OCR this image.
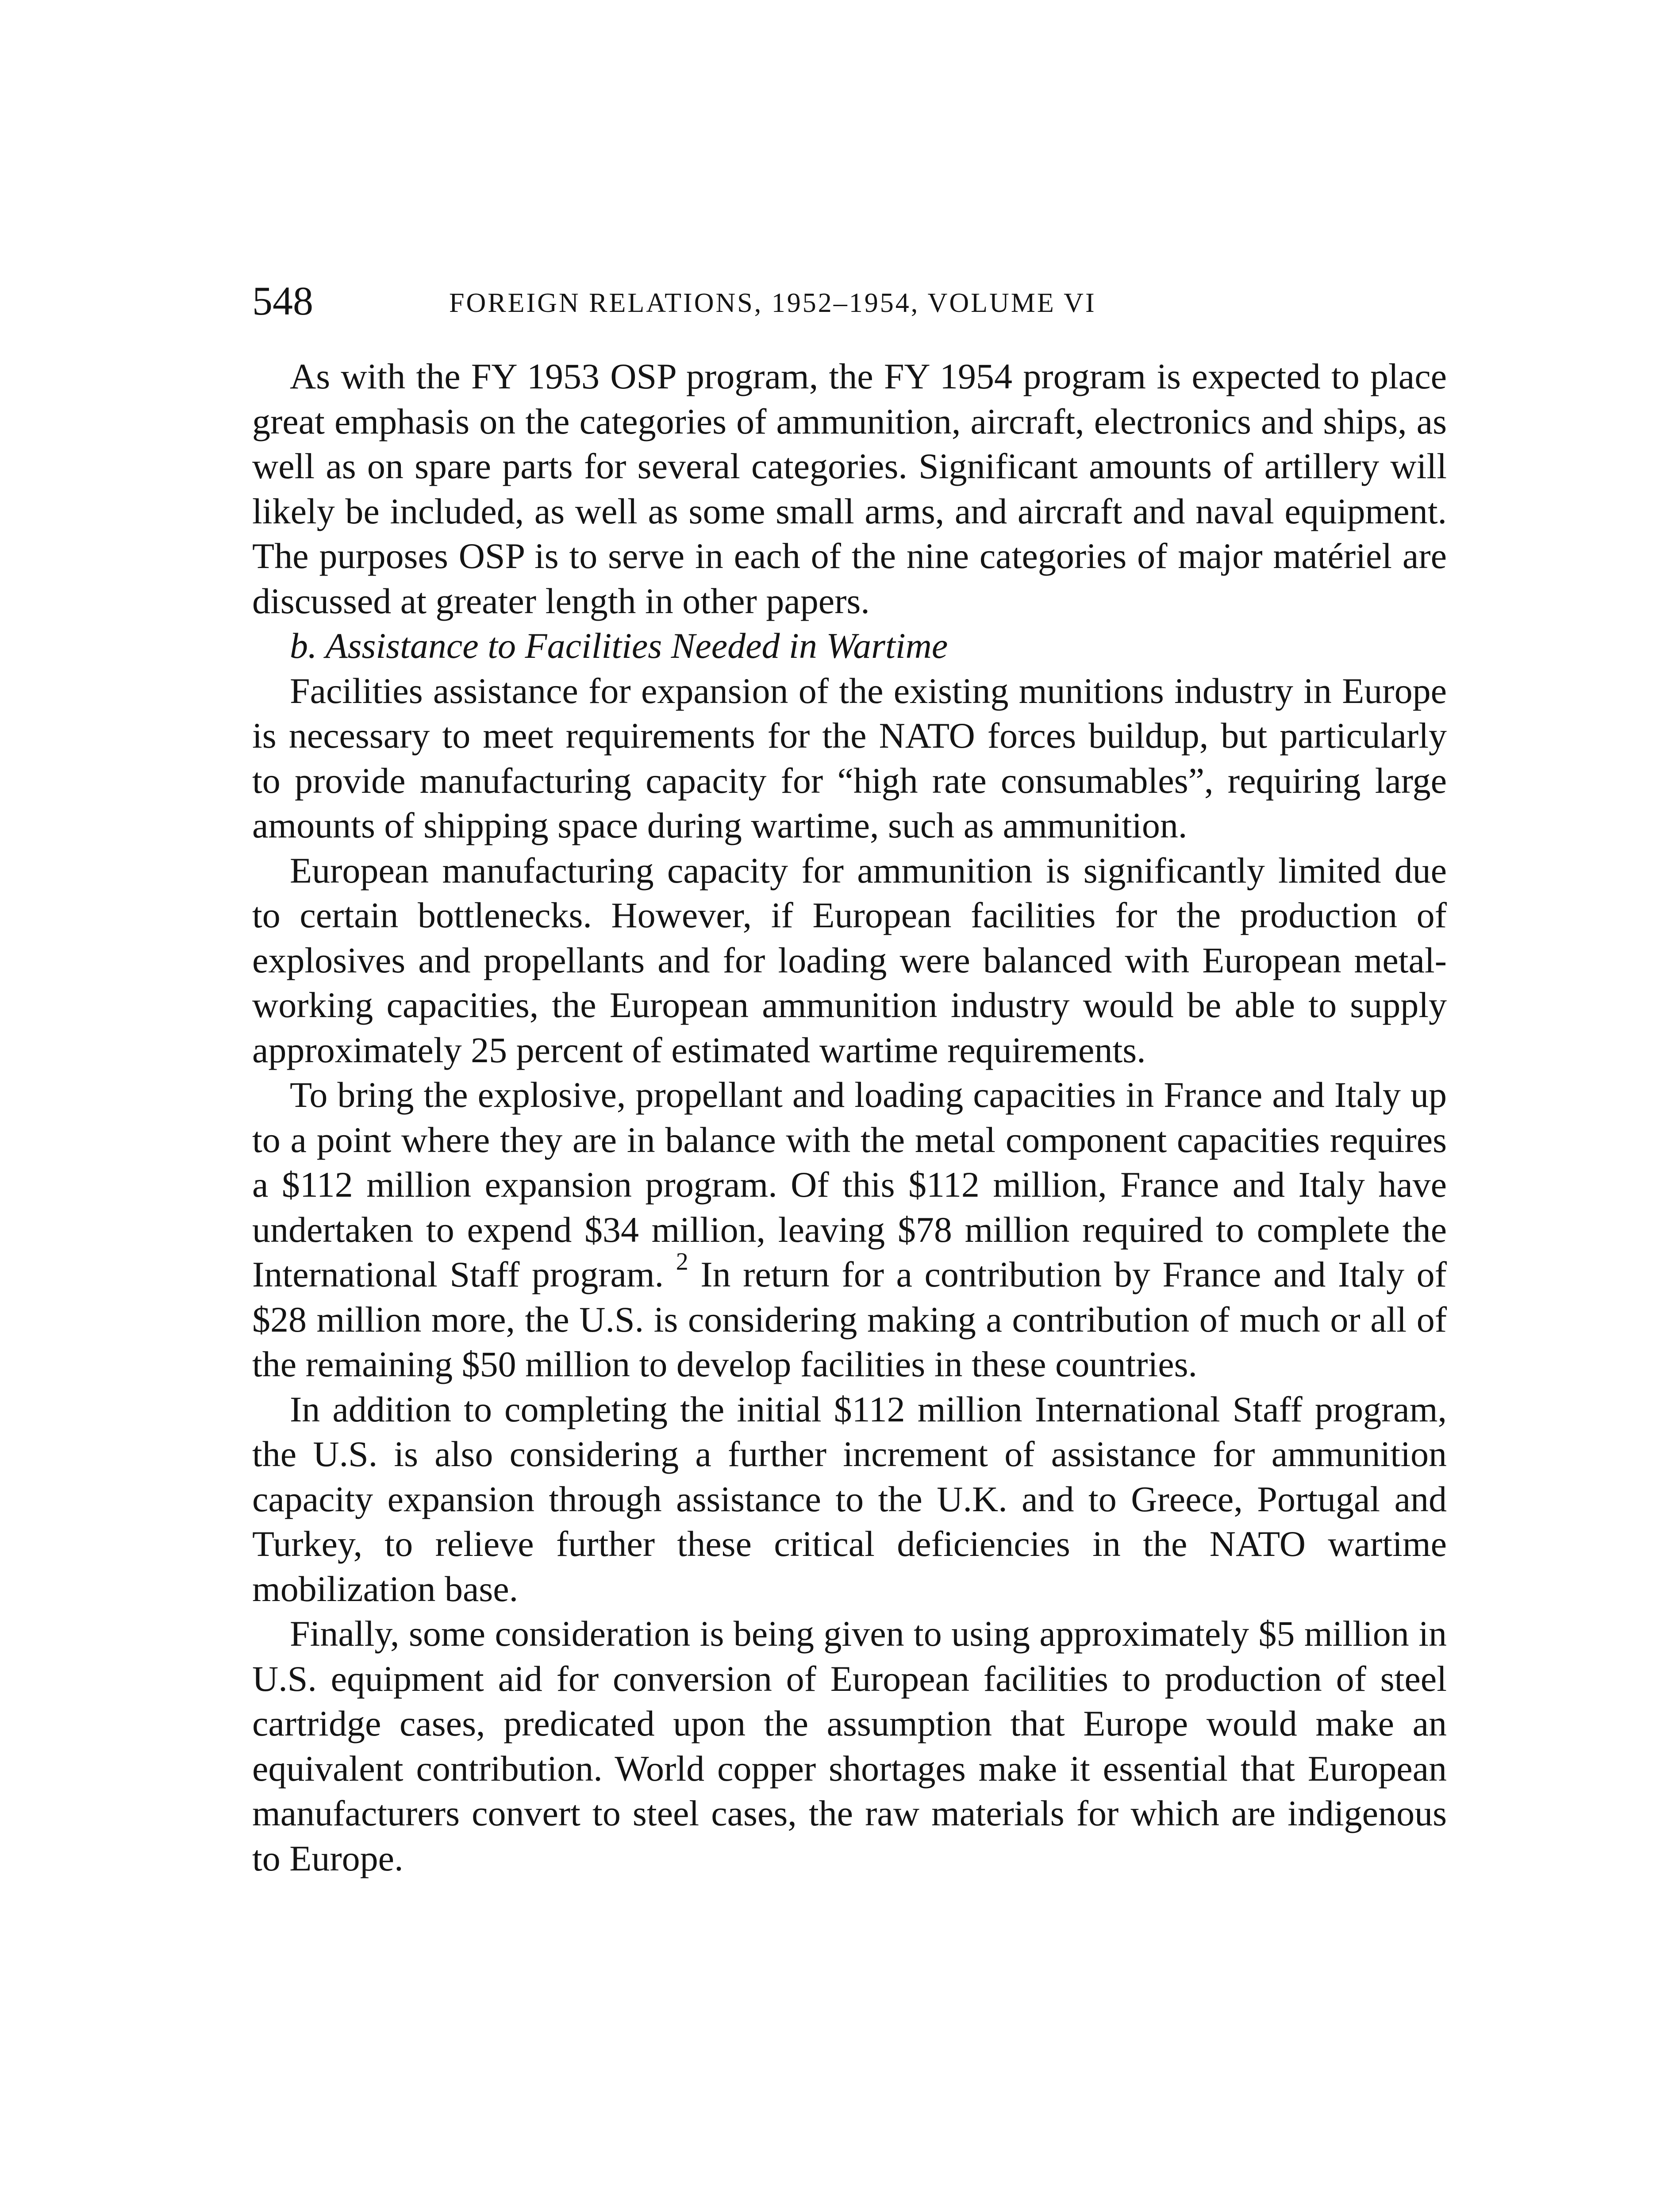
548	FOREIGN RELATIONS, 1952–1954, VOLUME VI

As with the FY 1953 OSP program, the FY 1954 program is expected to place great emphasis on the categories of ammunition, aircraft, electronics and ships, as well as on spare parts for several categories. Significant amounts of artillery will likely be included, as well as some small arms, and aircraft and naval equipment. The purposes OSP is to serve in each of the nine categories of major matériel are discussed at greater length in other papers.

b. Assistance to Facilities Needed in Wartime

Facilities assistance for expansion of the existing munitions industry in Europe is necessary to meet requirements for the NATO forces buildup, but particularly to provide manufacturing capacity for “high rate consumables”, requiring large amounts of shipping space during wartime, such as ammunition.

European manufacturing capacity for ammunition is significantly limited due to certain bottlenecks. However, if European facilities for the production of explosives and propellants and for loading were balanced with European metal-working capacities, the European ammunition industry would be able to supply approximately 25 percent of estimated wartime requirements.

To bring the explosive, propellant and loading capacities in France and Italy up to a point where they are in balance with the metal component capacities requires a $112 million expansion program. Of this $112 million, France and Italy have undertaken to expend $34 million, leaving $78 million required to complete the International Staff program. $^2$ In return for a contribution by France and Italy of $28 million more, the U.S. is considering making a contribution of much or all of the remaining $50 million to develop facilities in these countries.

In addition to completing the initial $112 million International Staff program, the U.S. is also considering a further increment of assistance for ammunition capacity expansion through assistance to the U.K. and to Greece, Portugal and Turkey, to relieve further these critical deficiencies in the NATO wartime mobilization base.

Finally, some consideration is being given to using approximately $5 million in U.S. equipment aid for conversion of European facilities to production of steel cartridge cases, predicated upon the assumption that Europe would make an equivalent contribution. World copper shortages make it essential that European manufacturers convert to steel cases, the raw materials for which are indigenous to Europe.
